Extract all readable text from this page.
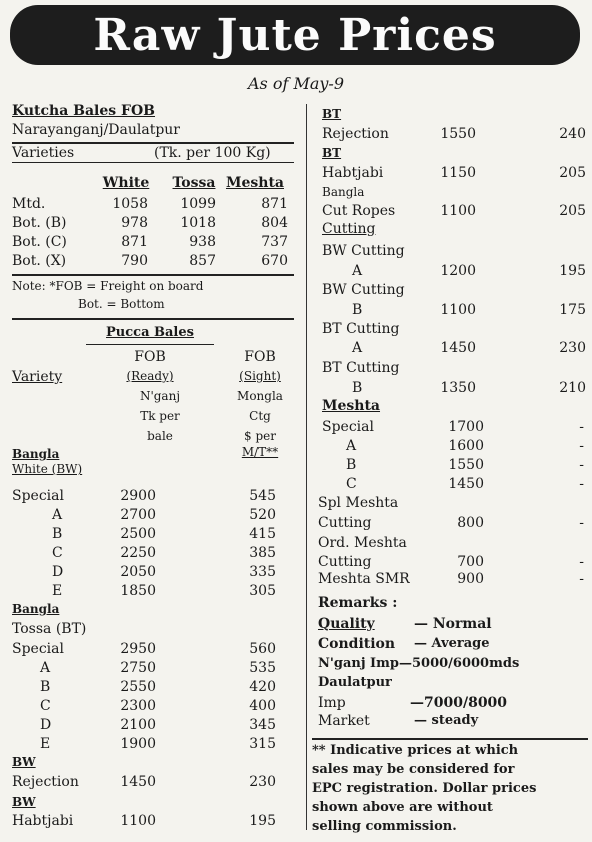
Raw Jute Prices
As of May-9
Kutcha Bales FOB
Narayanganj/Daulatpur
Varieties	(Tk. per 100 Kg)
White	Tossa Meshta
Mtd.	1058	1099	871
Bot. (B)	978	1018	804
Bot. (C)	871	938	737
Bot. (X)	790	857	670
Note: *FOB = Freight on board
Bot. = Bottom
Pucca Bales
FOB
(Ready)
N'ganj
Tk per
bale
Variety
FOB
(Sight)
Mongla
Ctg
$ per
M/T**
Bangla
White (BW)
Special	2900	545
A	2700	520
B	2500	415
C	2250	385
D	2050	335
E	1850	305
Bangla
Tossa (BT)
Special	2950	560
A	2750	535
B	2550	420
C	2300	400
D	2100	345
E	1900	315
BW
Rejection	1450	230
BW
Habtjabi	1100	195
BT
Rejection	1550	240
BT
Habtjabi	1150	205
Bangla
Cut Ropes
Cutting
1100	205
BW Cutting
A	1200	195
BW Cutting
B	1100	175
BT Cutting
A	1450	230
BT Cutting
B	1350	210
Meshta
Special	1700	-
A	1600	-
B	1550	-
C	1450	-
Spl Meshta
Cutting	800	-
Ord. Meshta
Cutting	700	-
Meshta SMR	900	-
Remarks :
Quality	— Normal
Condition — Average
N'ganj Imp—5000/6000mds
Daulatpur
Imp	—7000/8000
Market	— steady
** Indicative prices at which
sales may be considered for
EPC registration. Dollar prices
shown above are without
selling commission.
